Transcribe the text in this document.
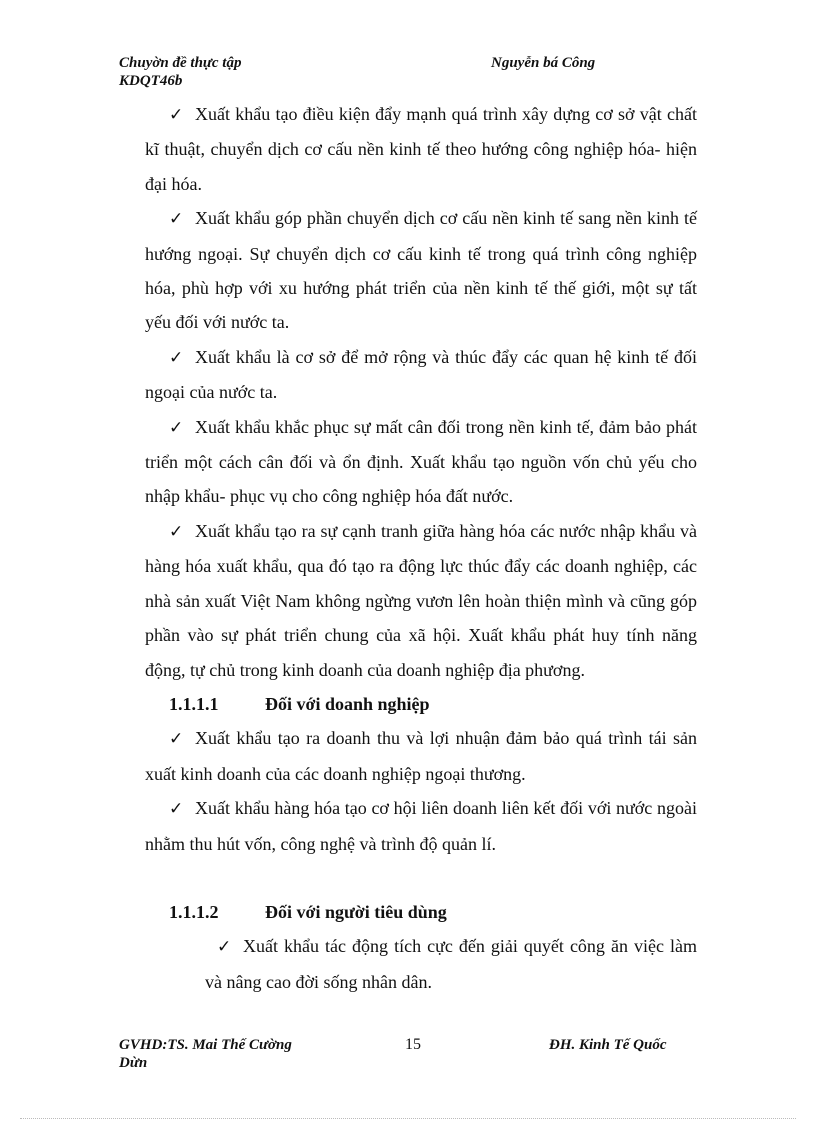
Chuyờn đề thực tập
KDQT46b
Nguyễn bá Công

✓ Xuất khẩu tạo điều kiện đẩy mạnh quá trình xây dựng cơ sở vật chất kĩ thuật, chuyển dịch cơ cấu nền kinh tế theo hướng công nghiệp hóa- hiện đại hóa.

✓ Xuất khẩu góp phần chuyển dịch cơ cấu nền kinh tế sang nền kinh tế hướng ngoại. Sự chuyển dịch cơ cấu kinh tế trong quá trình công nghiệp hóa, phù hợp với xu hướng phát triển của nền kinh tế thế giới, một sự tất yếu đối với nước ta.

✓ Xuất khẩu là cơ sở để mở rộng và thúc đẩy các quan hệ kinh tế đối ngoại của nước ta.

✓ Xuất khẩu khắc phục sự mất cân đối trong nền kinh tế, đảm bảo phát triển một cách cân đối và ổn định. Xuất khẩu tạo nguồn vốn chủ yếu cho nhập khẩu- phục vụ cho công nghiệp hóa đất nước.

✓ Xuất khẩu tạo ra sự cạnh tranh giữa hàng hóa các nước nhập khẩu và hàng hóa xuất khẩu, qua đó tạo ra động lực thúc đẩy các doanh nghiệp, các nhà sản xuất Việt Nam không ngừng vươn lên hoàn thiện mình và cũng góp phần vào sự phát triển chung của xã hội. Xuất khẩu phát huy tính năng động, tự chủ trong kinh doanh của doanh nghiệp địa phương.

1.1.1.1	Đối với doanh nghiệp

✓ Xuất khẩu tạo ra doanh thu và lợi nhuận đảm bảo quá trình tái sản xuất kinh doanh của các doanh nghiệp ngoại thương.

✓ Xuất khẩu hàng hóa tạo cơ hội liên doanh liên kết đối với nước ngoài nhằm thu hút vốn, công nghệ và trình độ quản lí.

1.1.1.2	Đối với người tiêu dùng

✓ Xuất khẩu tác động tích cực đến giải quyết công ăn việc làm và nâng cao đời sống nhân dân.

GVHD:TS. Mai Thế Cường
Dừn
15	ĐH. Kinh Tế Quốc
